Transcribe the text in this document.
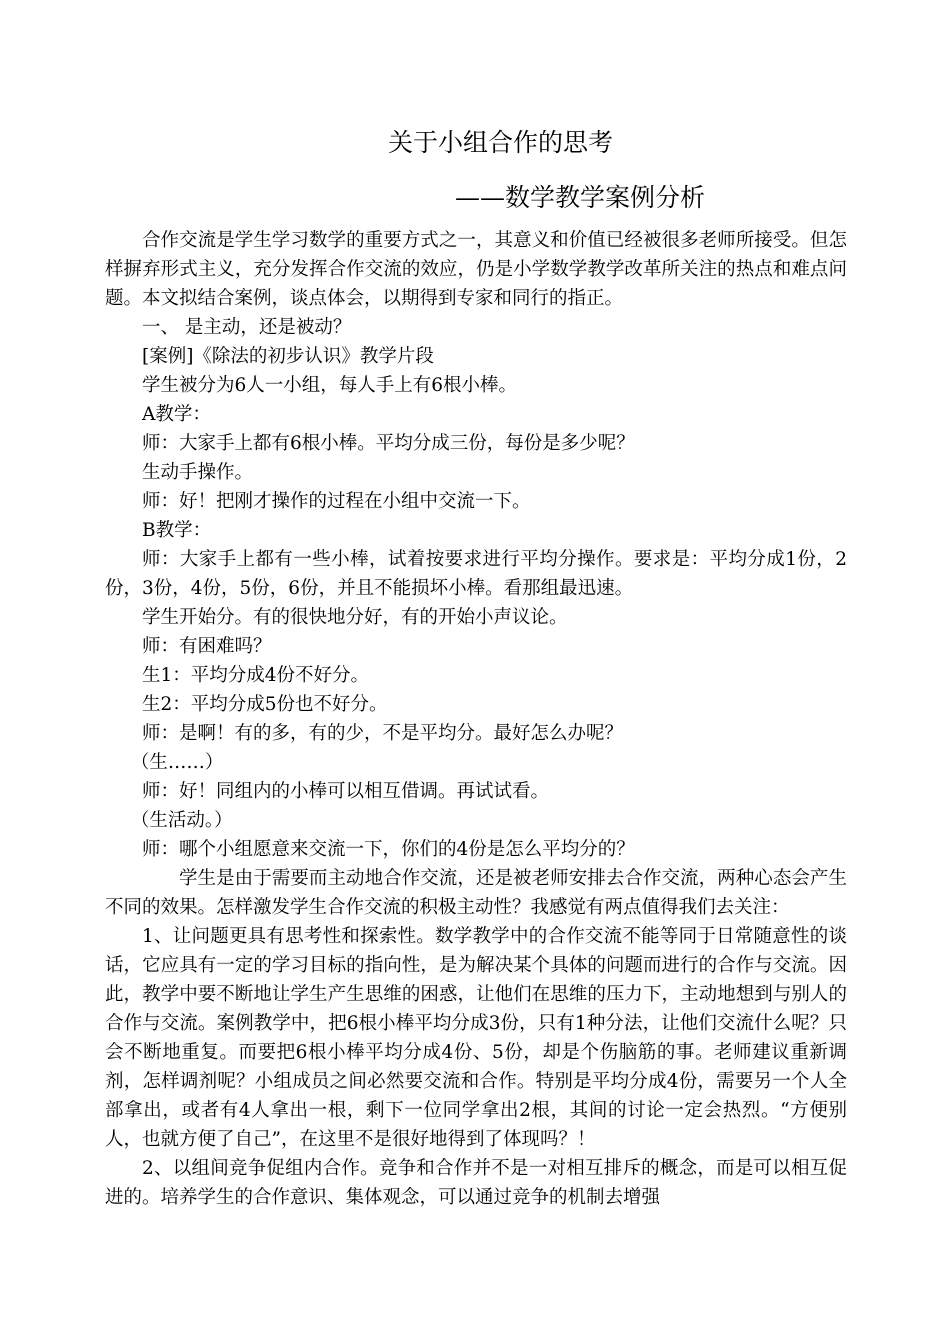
关于小组合作的思考
——数学教学案例分析

合作交流是学生学习数学的重要方式之一，其意义和价值已经被很多老师所接受。但怎样摒弃形式主义，充分发挥合作交流的效应，仍是小学数学教学改革所关注的热点和难点问题。本文拟结合案例，谈点体会，以期得到专家和同行的指正。

一、 是主动，还是被动？

[案例]《除法的初步认识》教学片段

学生被分为6人一小组，每人手上有6根小棒。

A教学：

师：大家手上都有6根小棒。平均分成三份，每份是多少呢？

生动手操作。

师：好！把刚才操作的过程在小组中交流一下。

B教学：

师：大家手上都有一些小棒，试着按要求进行平均分操作。要求是：平均分成1份，2份，3份，4份，5份，6份，并且不能损坏小棒。看那组最迅速。

学生开始分。有的很快地分好，有的开始小声议论。

师：有困难吗？

生1：平均分成4份不好分。

生2：平均分成5份也不好分。

师：是啊！有的多，有的少，不是平均分。最好怎么办呢？

（生……）

师：好！同组内的小棒可以相互借调。再试试看。

（生活动。）

师：哪个小组愿意来交流一下，你们的4份是怎么平均分的？

学生是由于需要而主动地合作交流，还是被老师安排去合作交流，两种心态会产生不同的效果。怎样激发学生合作交流的积极主动性？我感觉有两点值得我们去关注：

1、让问题更具有思考性和探索性。数学教学中的合作交流不能等同于日常随意性的谈话，它应具有一定的学习目标的指向性，是为解决某个具体的问题而进行的合作与交流。因此，教学中要不断地让学生产生思维的困惑，让他们在思维的压力下，主动地想到与别人的合作与交流。案例教学中，把6根小棒平均分成3份，只有1种分法，让他们交流什么呢？只会不断地重复。而要把6根小棒平均分成4份、5份，却是个伤脑筋的事。老师建议重新调剂，怎样调剂呢？小组成员之间必然要交流和合作。特别是平均分成4份，需要另一个人全部拿出，或者有4人拿出一根，剩下一位同学拿出2根，其间的讨论一定会热烈。“方便别人，也就方便了自己”，在这里不是很好地得到了体现吗？！

2、以组间竞争促组内合作。竞争和合作并不是一对相互排斥的概念，而是可以相互促进的。培养学生的合作意识、集体观念，可以通过竞争的机制去增强
